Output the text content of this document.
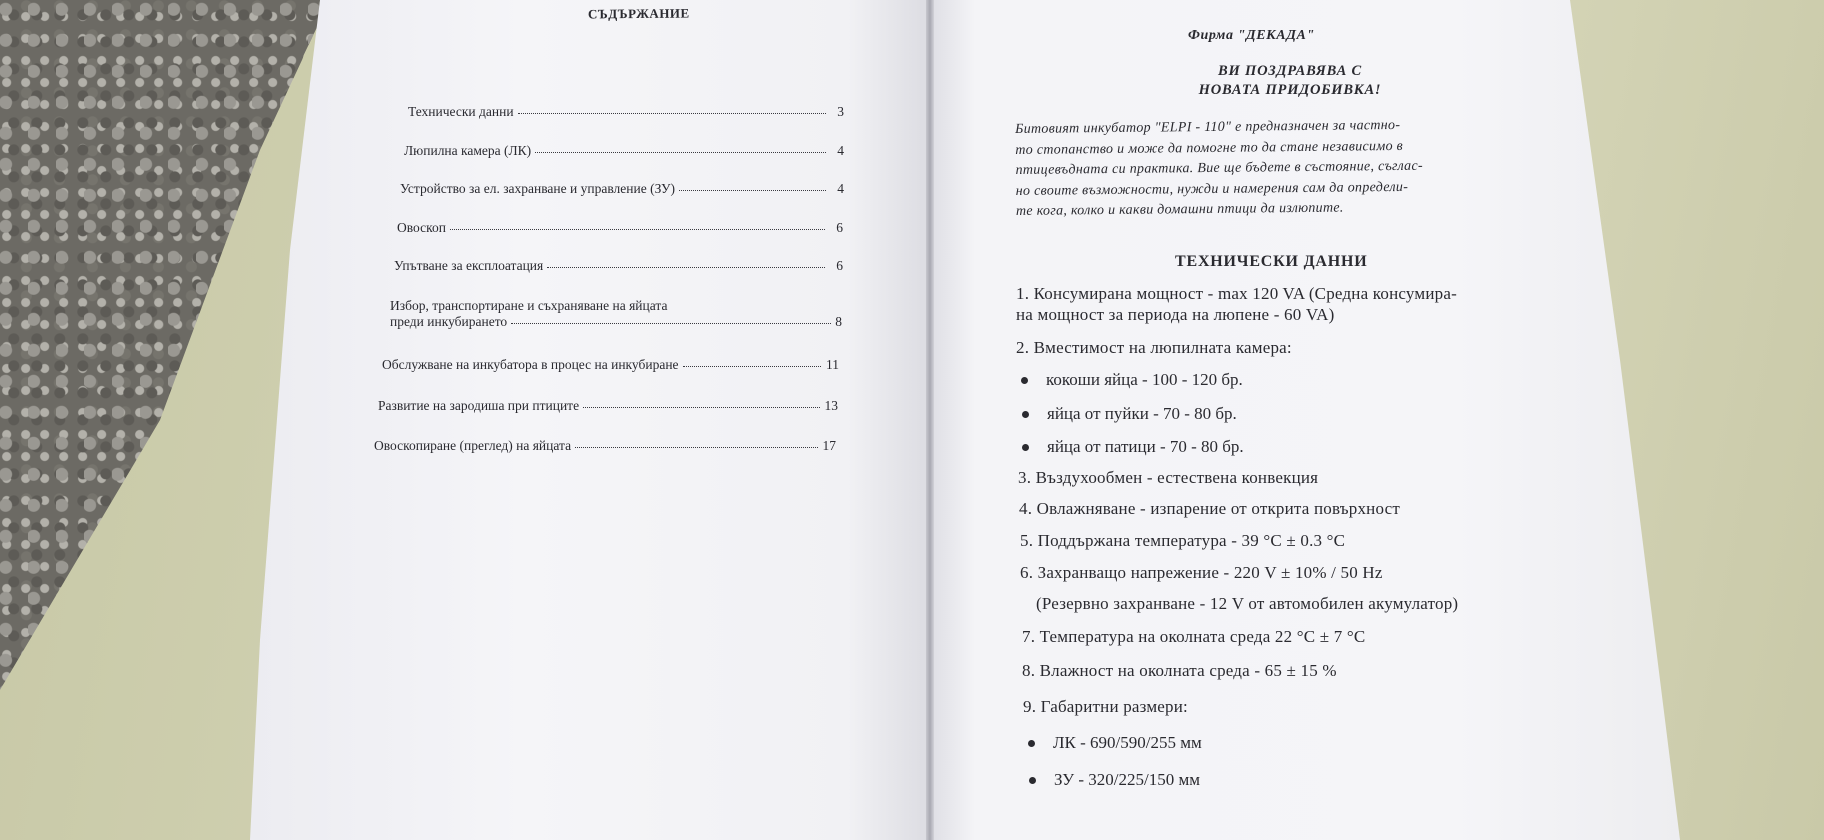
СЪДЪРЖАНИЕ
Технически данни	3
Люпилна камера (ЛК)	4
Устройство за ел. захранване и управление (ЗУ)	4
Овоскоп	6
Упътване за експлоатация	6
Избор, транспортиране и съхраняване на яйцата
преди инкубирането	8
Обслужване на инкубатора в процес на инкубиране	11
Развитие на зародиша при птиците	13
Овоскопиране (преглед) на яйцата	17
Фирма "ДЕКАДА"
ВИ ПОЗДРАВЯВА С
НОВАТА ПРИДОБИВКА!
Битовият инкубатор "ELPI - 110" е предназначен за частно-
то стопанство и може да помогне то да стане независимо в
птицевъдната си практика. Вие ще бъдете в състояние, съглас-
но своите възможности, нужди и намерения сам да определи-
те кога, колко и какви домашни птици да излюпите.
ТЕХНИЧЕСКИ ДАННИ
1. Консумирана мощност - max 120 VA (Средна консумира-
на мощност за периода на люпене - 60 VA)
2. Вместимост на люпилната камера:
кокоши яйца - 100 - 120 бр.
яйца от пуйки - 70 - 80 бр.
яйца от патици - 70 - 80 бр.
3. Въздухообмен - естествена конвекция
4. Овлажняване - изпарение от открита повърхност
5. Поддържана температура - 39 °C ± 0.3 °C
6. Захранващо напрежение - 220 V ± 10% / 50 Hz
(Резервно захранване - 12 V от автомобилен акумулатор)
7. Температура на околната среда 22 °C ± 7 °C
8. Влажност на околната среда - 65 ± 15 %
9. Габаритни размери:
ЛК - 690/590/255 мм
ЗУ - 320/225/150 мм
